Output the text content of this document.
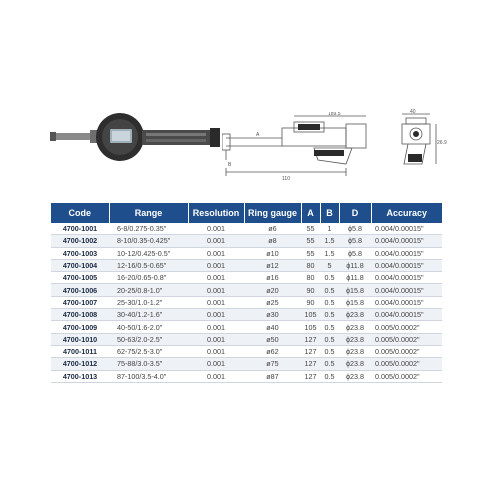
189.5
110
A
B
40
26.9
Code	Range	Resolution	Ring gauge	A	B	D	Accuracy
4700-1001	6-8/0.275-0.35"	0.001	ø6	55	1	ϕ5.8	0.004/0.00015"
4700-1002	8-10/0.35-0.425"	0.001	ø8	55	1.5	ϕ5.8	0.004/0.00015"
4700-1003	10-12/0.425-0.5"	0.001	ø10	55	1.5	ϕ5.8	0.004/0.00015"
4700-1004	12-16/0.5-0.65"	0.001	ø12	80	5	ϕ11.8	0.004/0.00015"
4700-1005	16-20/0.65-0.8"	0.001	ø16	80	0.5	ϕ11.8	0.004/0.00015"
4700-1006	20-25/0.8-1.0"	0.001	ø20	90	0.5	ϕ15.8	0.004/0.00015"
4700-1007	25-30/1.0-1.2"	0.001	ø25	90	0.5	ϕ15.8	0.004/0.00015"
4700-1008	30-40/1.2-1.6"	0.001	ø30	105	0.5	ϕ23.8	0.004/0.00015"
4700-1009	40-50/1.6-2.0"	0.001	ø40	105	0.5	ϕ23.8	0.005/0.0002"
4700-1010	50-63/2.0-2.5"	0.001	ø50	127	0.5	ϕ23.8	0.005/0.0002"
4700-1011	62-75/2.5-3.0"	0.001	ø62	127	0.5	ϕ23.8	0.005/0.0002"
4700-1012	75-88/3.0-3.5"	0.001	ø75	127	0.5	ϕ23.8	0.005/0.0002"
4700-1013	87-100/3.5-4.0"	0.001	ø87	127	0.5	ϕ23.8	0.005/0.0002"
